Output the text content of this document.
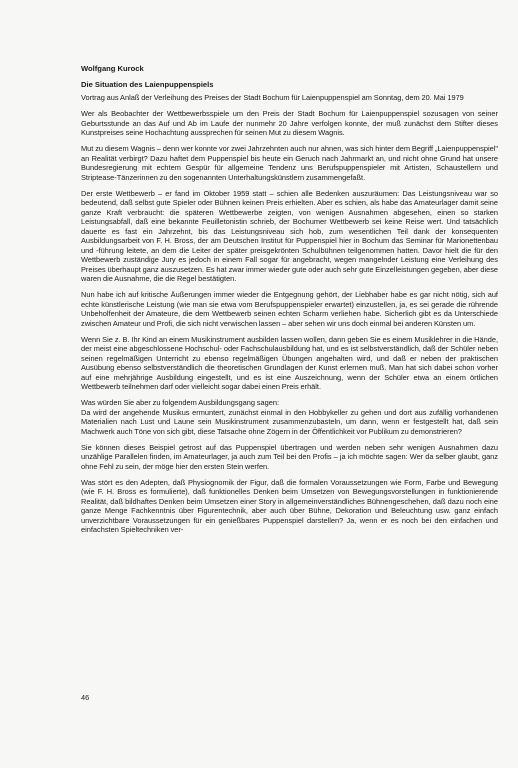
Wolfgang Kurock
Die Situation des Laienpuppenspiels

Vortrag aus Anlaß der Verleihung des Preises der Stadt Bochum für Laienpuppenspiel am Sonntag, dem 20. Mai 1979

Wer als Beobachter der Wettbewerbsspiele um den Preis der Stadt Bochum für Laienpuppenspiel sozusagen von seiner Geburtsstunde an das Auf und Ab im Laufe der nunmehr 20 Jahre verfolgen konnte, der muß zunächst dem Stifter dieses Kunstpreises seine Hochachtung aussprechen für seinen Mut zu diesem Wagnis.

Mut zu diesem Wagnis – denn wer konnte vor zwei Jahrzehnten auch nur ahnen, was sich hinter dem Begriff „Laienpuppenspiel" an Realität verbirgt? Dazu haftet dem Puppenspiel bis heute ein Geruch nach Jahrmarkt an, und nicht ohne Grund hat unsere Bundesregierung mit echtem Gespür für allgemeine Tendenz uns Berufspuppenspieler mit Artisten, Schaustellern und Striptease-Tänzerinnen zu den sogenannten Unterhaltungskünstlern zusammengefaßt.

Der erste Wettbewerb – er fand im Oktober 1959 statt – schien alle Bedenken auszuräumen: Das Leistungsniveau war so bedeutend, daß selbst gute Spieler oder Bühnen keinen Preis erhielten. Aber es schien, als habe das Amateurlager damit seine ganze Kraft verbraucht: die späteren Wettbewerbe zeigten, von wenigen Ausnahmen abgesehen, einen so starken Leistungsabfall, daß eine bekannte Feuilletonistin schrieb, der Bochumer Wettbewerb sei keine Reise wert. Und tatsächlich dauerte es fast ein Jahrzehnt, bis das Leistungsniveau sich hob, zum wesentlichen Teil dank der konsequenten Ausbildungsarbeit von F. H. Bross, der am Deutschen Institut für Puppenspiel hier in Bochum das Seminar für Marionettenbau und -führung leitete, an dem die Leiter der später preisgekrönten Schulbühnen teilgenommen hatten. Davor hielt die für den Wettbewerb zuständige Jury es jedoch in einem Fall sogar für angebracht, wegen mangelnder Leistung eine Verleihung des Preises überhaupt ganz auszusetzen. Es hat zwar immer wieder gute oder auch sehr gute Einzelleistungen gegeben, aber diese waren die Ausnahme, die die Regel bestätigten.

Nun habe ich auf kritische Äußerungen immer wieder die Entgegnung gehört, der Liebhaber habe es gar nicht nötig, sich auf echte künstlerische Leistung (wie man sie etwa vom Berufspuppenspieler erwartet) einzustellen, ja, es sei gerade die rührende Unbeholfenheit der Amateure, die dem Wettbewerb seinen echten Scharm verliehen habe. Sicherlich gibt es da Unterschiede zwischen Amateur und Profi, die sich nicht verwischen lassen – aber sehen wir uns doch einmal bei anderen Künsten um.

Wenn Sie z. B. Ihr Kind an einem Musikinstrument ausbilden lassen wollen, dann geben Sie es einem Musiklehrer in die Hände, der meist eine abgeschlossene Hochschul- oder Fachschulausbildung hat, und es ist selbstverständlich, daß der Schüler neben seinen regelmäßigen Unterricht zu ebenso regelmäßigen Übungen angehalten wird, und daß er neben der praktischen Ausübung ebenso selbstverständlich die theoretischen Grundlagen der Kunst erlernen muß. Man hat sich dabei schon vorher auf eine mehrjährige Ausbildung eingestellt, und es ist eine Auszeichnung, wenn der Schüler etwa an einem örtlichen Wettbewerb teilnehmen darf oder vielleicht sogar dabei einen Preis erhält.

Was würden Sie aber zu folgendem Ausbildungsgang sagen:
Da wird der angehende Musikus ermuntert, zunächst einmal in den Hobbykeller zu gehen und dort aus zufällig vorhandenen Materialien nach Lust und Laune sein Musikinstrument zusammenzubasteln, um dann, wenn er festgestellt hat, daß sein Machwerk auch Töne von sich gibt, diese Tatsache ohne Zögern in der Öffentlichkeit vor Publikum zu demonstrieren?

Sie können dieses Beispiel getrost auf das Puppenspiel übertragen und werden neben sehr wenigen Ausnahmen dazu unzählige Parallelen finden, im Amateurlager, ja auch zum Teil bei den Profis – ja ich möchte sagen: Wer da selber glaubt, ganz ohne Fehl zu sein, der möge hier den ersten Stein werfen.

Was stört es den Adepten, daß Physiognomik der Figur, daß die formalen Voraussetzungen wie Form, Farbe und Bewegung (wie F. H. Bross es formulierte), daß funktionelles Denken beim Umsetzen von Bewegungsvorstellungen in funktionierende Realität, daß bildhaftes Denken beim Umsetzen einer Story in allgemeinverständliches Bühnengeschehen, daß dazu noch eine ganze Menge Fachkenntnis über Figurentechnik, aber auch über Bühne, Dekoration und Beleuchtung usw. ganz einfach unverzichtbare Voraussetzungen für ein genießbares Puppenspiel darstellen? Ja, wenn er es noch bei den einfachen und einfachsten Spieltechniken ver-

46
